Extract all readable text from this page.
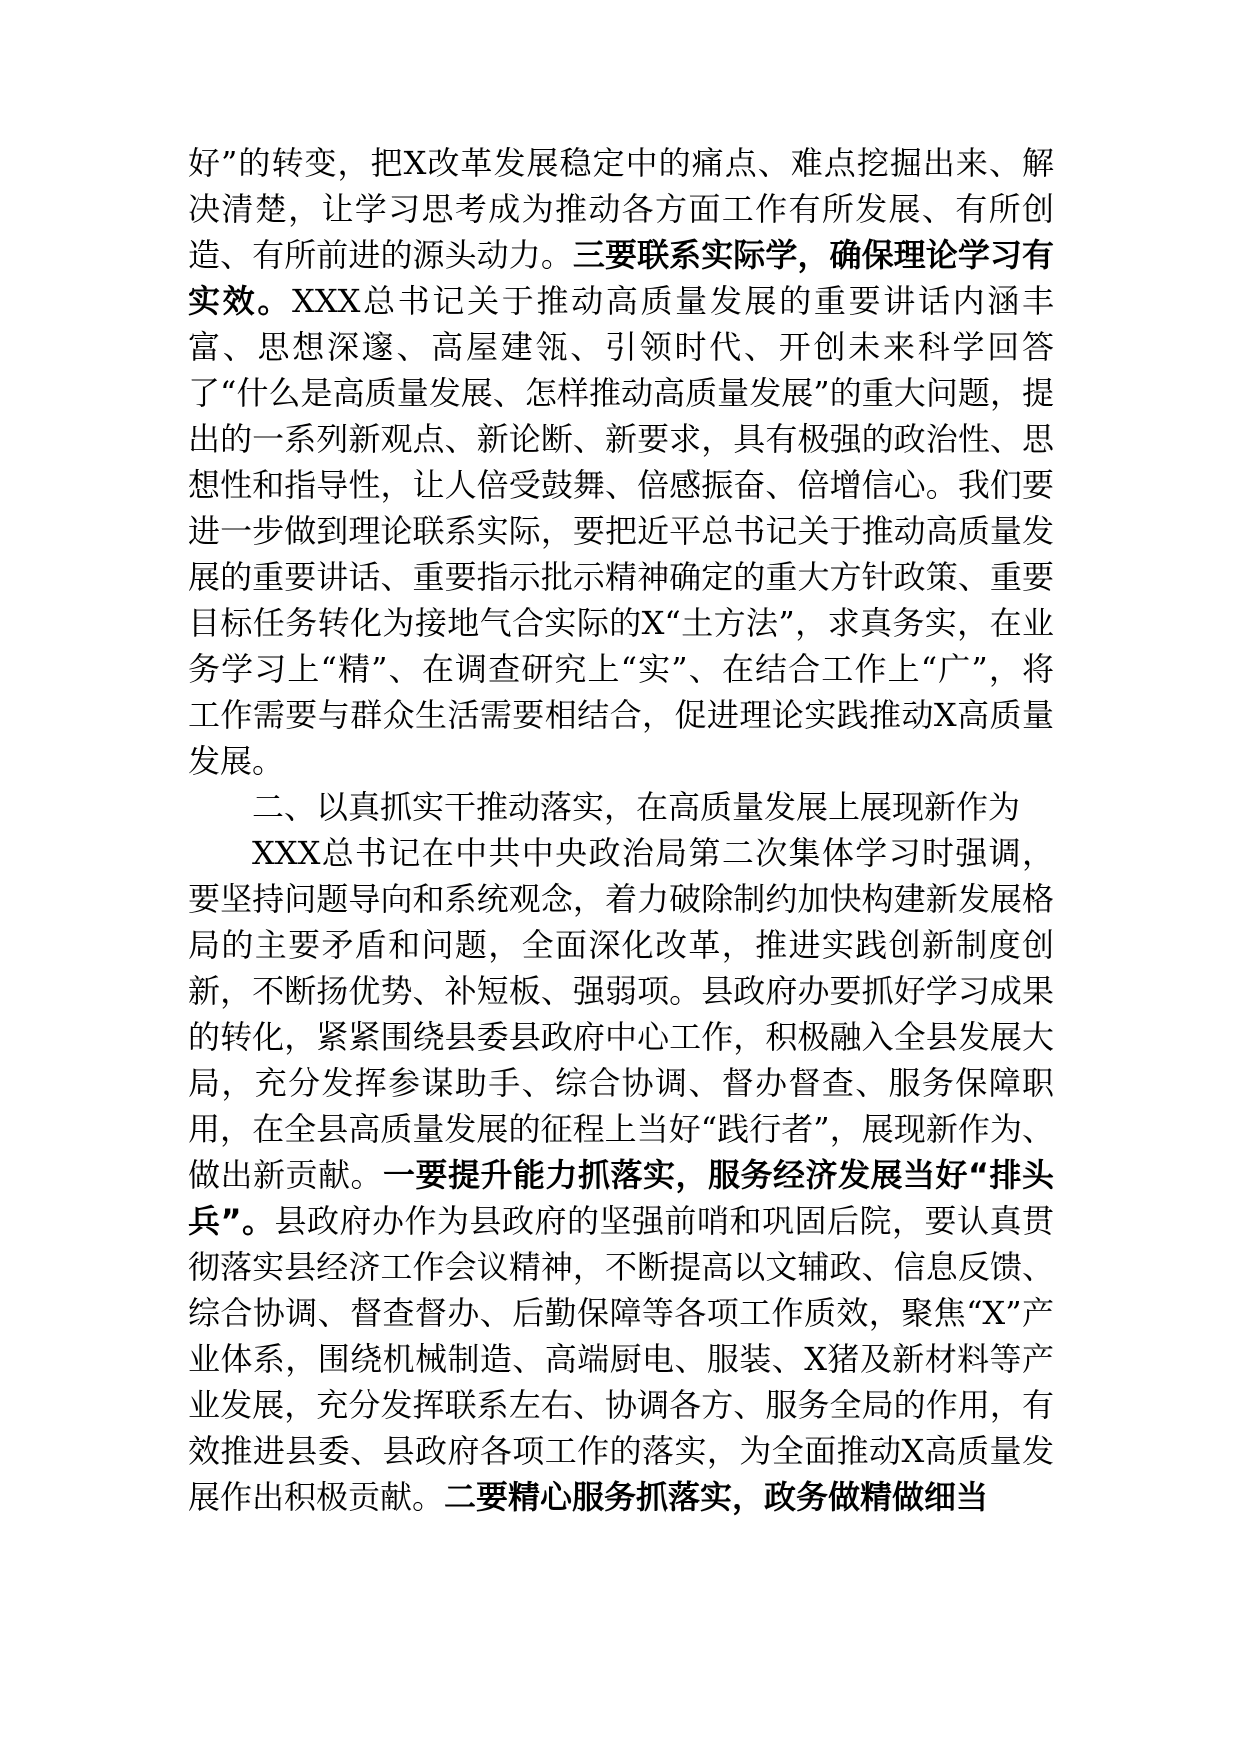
好”的转变，把X改革发展稳定中的痛点、难点挖掘出来、解决清楚，让学习思考成为推动各方面工作有所发展、有所创造、有所前进的源头动力。三要联系实际学，确保理论学习有实效。XXX总书记关于推动高质量发展的重要讲话内涵丰富、思想深邃、高屋建瓴、引领时代、开创未来科学回答了“什么是高质量发展、怎样推动高质量发展”的重大问题，提出的一系列新观点、新论断、新要求，具有极强的政治性、思想性和指导性，让人倍受鼓舞、倍感振奋、倍增信心。我们要进一步做到理论联系实际，要把近平总书记关于推动高质量发展的重要讲话、重要指示批示精神确定的重大方针政策、重要目标任务转化为接地气合实际的X“土方法”，求真务实，在业务学习上“精”、在调查研究上“实”、在结合工作上“广”，将工作需要与群众生活需要相结合，促进理论实践推动X高质量发展。

二、以真抓实干推动落实，在高质量发展上展现新作为

XXX总书记在中共中央政治局第二次集体学习时强调，要坚持问题导向和系统观念，着力破除制约加快构建新发展格局的主要矛盾和问题，全面深化改革，推进实践创新制度创新，不断扬优势、补短板、强弱项。县政府办要抓好学习成果的转化，紧紧围绕县委县政府中心工作，积极融入全县发展大局，充分发挥参谋助手、综合协调、督办督查、服务保障职用，在全县高质量发展的征程上当好“践行者”，展现新作为、做出新贡献。一要提升能力抓落实，服务经济发展当好“排头兵”。县政府办作为县政府的坚强前哨和巩固后院，要认真贯彻落实县经济工作会议精神，不断提高以文辅政、信息反馈、综合协调、督查督办、后勤保障等各项工作质效，聚焦“X”产业体系，围绕机械制造、高端厨电、服装、X猪及新材料等产业发展，充分发挥联系左右、协调各方、服务全局的作用，有效推进县委、县政府各项工作的落实，为全面推动X高质量发展作出积极贡献。二要精心服务抓落实，政务做精做细当
